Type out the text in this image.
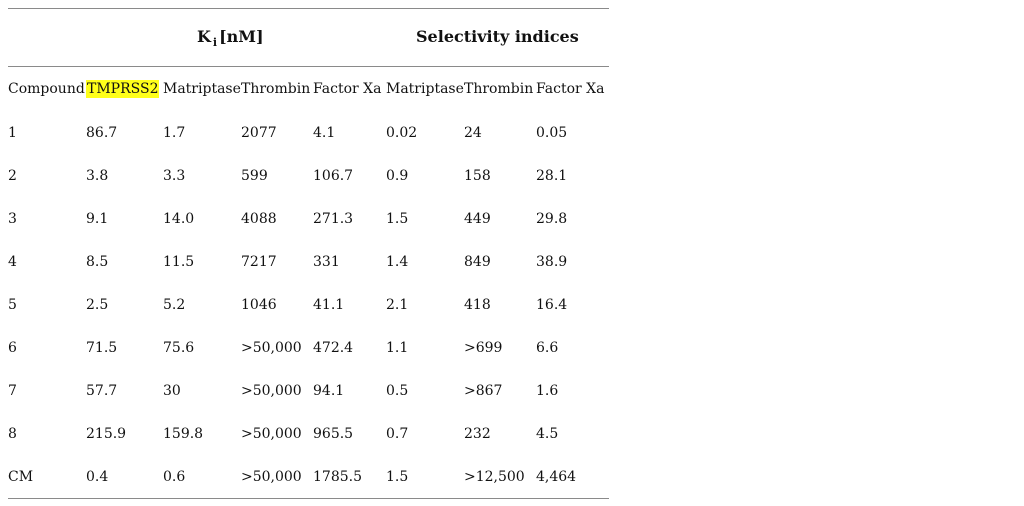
K $_i$ [nM]	Selectivity indices
Compound	TMPRSS2	Matriptase	Thrombin	Factor Xa	Matriptase	Thrombin	Factor Xa
1	86.7	1.7	2077	4.1	0.02	24	0.05
2	3.8	3.3	599	106.7	0.9	158	28.1
3	9.1	14.0	4088	271.3	1.5	449	29.8
4	8.5	11.5	7217	331	1.4	849	38.9
5	2.5	5.2	1046	41.1	2.1	418	16.4
6	71.5	75.6	>50,000	472.4	1.1	>699	6.6
7	57.7	30	>50,000	94.1	0.5	>867	1.6
8	215.9	159.8	>50,000	965.5	0.7	232	4.5
CM	0.4	0.6	>50,000	1785.5	1.5	>12,500	4,464
